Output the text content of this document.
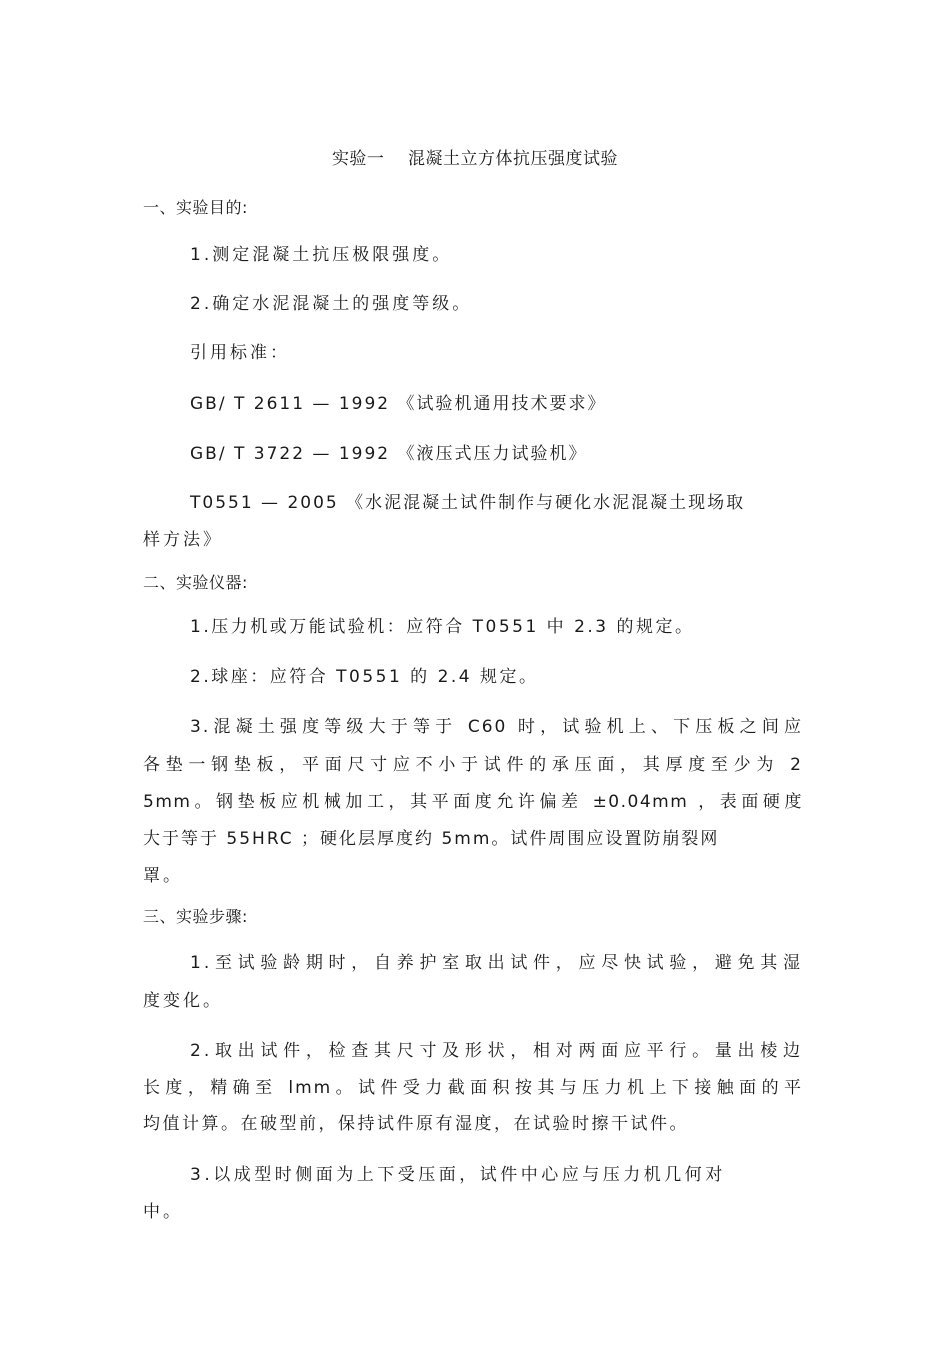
实验一    混凝土立方体抗压强度试验
一、实验目的:
1.测定混凝土抗压极限强度。
2.确定水泥混凝土的强度等级。
引用标准：
GB/ T 2611 — 1992 《试验机通用技术要求》
GB/ T 3722 — 1992 《液压式压力试验机》
T0551 — 2005 《水泥混凝土试件制作与硬化水泥混凝土现场取
样方法》
二、实验仪器:
1.压力机或万能试验机：应符合 T0551 中 2.3 的规定。
2.球座：应符合 T0551 的 2.4 规定。
3.混凝土强度等级大于等于 C60 时，试验机上、下压板之间应
各垫一钢垫板，平面尺寸应不小于试件的承压面，其厚度至少为 2
5mm。钢垫板应机械加工，其平面度允许偏差 ±0.04mm ，表面硬度
大于等于 55HRC ；硬化层厚度约 5mm。试件周围应设置防崩裂网
罩。
三、实验步骤:
1.至试验龄期时，自养护室取出试件，应尽快试验，避免其湿
度变化。
2.取出试件，检查其尺寸及形状，相对两面应平行。量出棱边
长度，精确至 lmm。试件受力截面积按其与压力机上下接触面的平
均值计算。在破型前，保持试件原有湿度，在试验时擦干试件。
3.以成型时侧面为上下受压面，试件中心应与压力机几何对
中。
